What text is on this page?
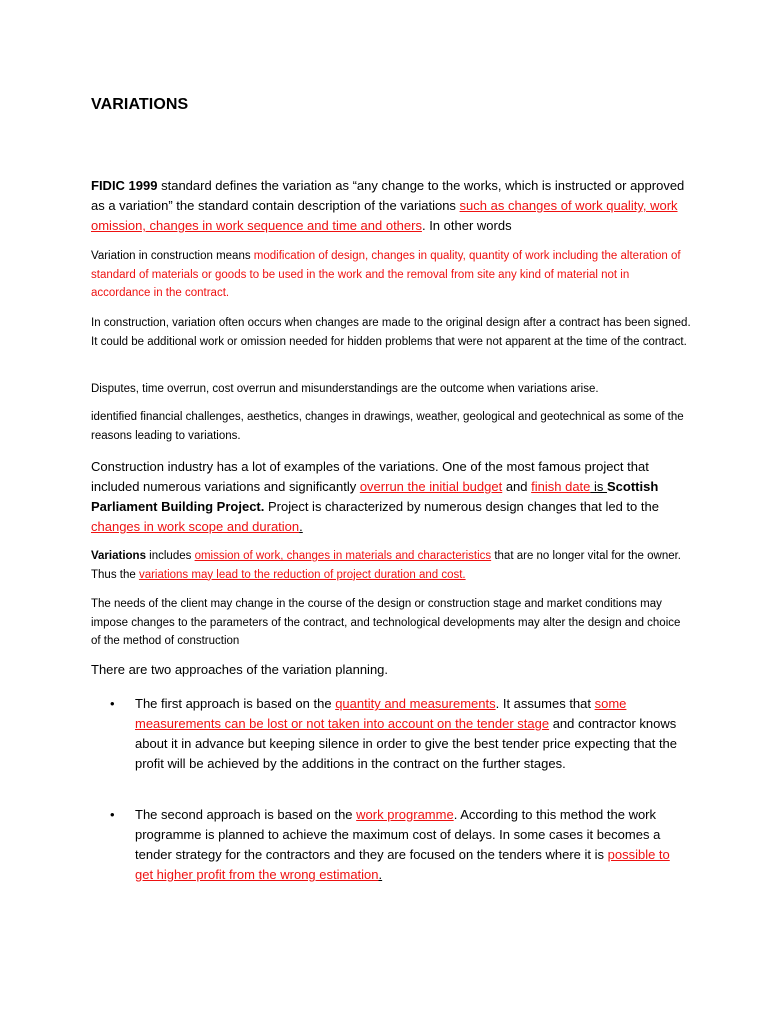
VARIATIONS

FIDIC 1999 standard defines the variation as “any change to the works, which is instructed or approved as a variation” the standard contain description of the variations such as changes of work quality, work omission, changes in work sequence and time and others. In other words

Variation in construction means modification of design, changes in quality, quantity of work including the alteration of standard of materials or goods to be used in the work and the removal from site any kind of material not in accordance in the contract.

In construction, variation often occurs when changes are made to the original design after a contract has been signed. It could be additional work or omission needed for hidden problems that were not apparent at the time of the contract.

Disputes, time overrun, cost overrun and misunderstandings are the outcome when variations arise.

identified financial challenges, aesthetics, changes in drawings, weather, geological and geotechnical as some of the reasons leading to variations.

Construction industry has a lot of examples of the variations. One of the most famous project that included numerous variations and significantly overrun the initial budget and finish date is Scottish Parliament Building Project. Project is characterized by numerous design changes that led to the changes in work scope and duration.

Variations includes omission of work, changes in materials and characteristics that are no longer vital for the owner. Thus the variations may lead to the reduction of project duration and cost.

The needs of the client may change in the course of the design or construction stage and market conditions may impose changes to the parameters of the contract, and technological developments may alter the design and choice of the method of construction

There are two approaches of the variation planning.

•	The first approach is based on the quantity and measurements. It assumes that some measurements can be lost or not taken into account on the tender stage and contractor knows about it in advance but keeping silence in order to give the best tender price expecting that the profit will be achieved by the additions in the contract on the further stages.

•	The second approach is based on the work programme. According to this method the work programme is planned to achieve the maximum cost of delays. In some cases it becomes a tender strategy for the contractors and they are focused on the tenders where it is possible to get higher profit from the wrong estimation.
